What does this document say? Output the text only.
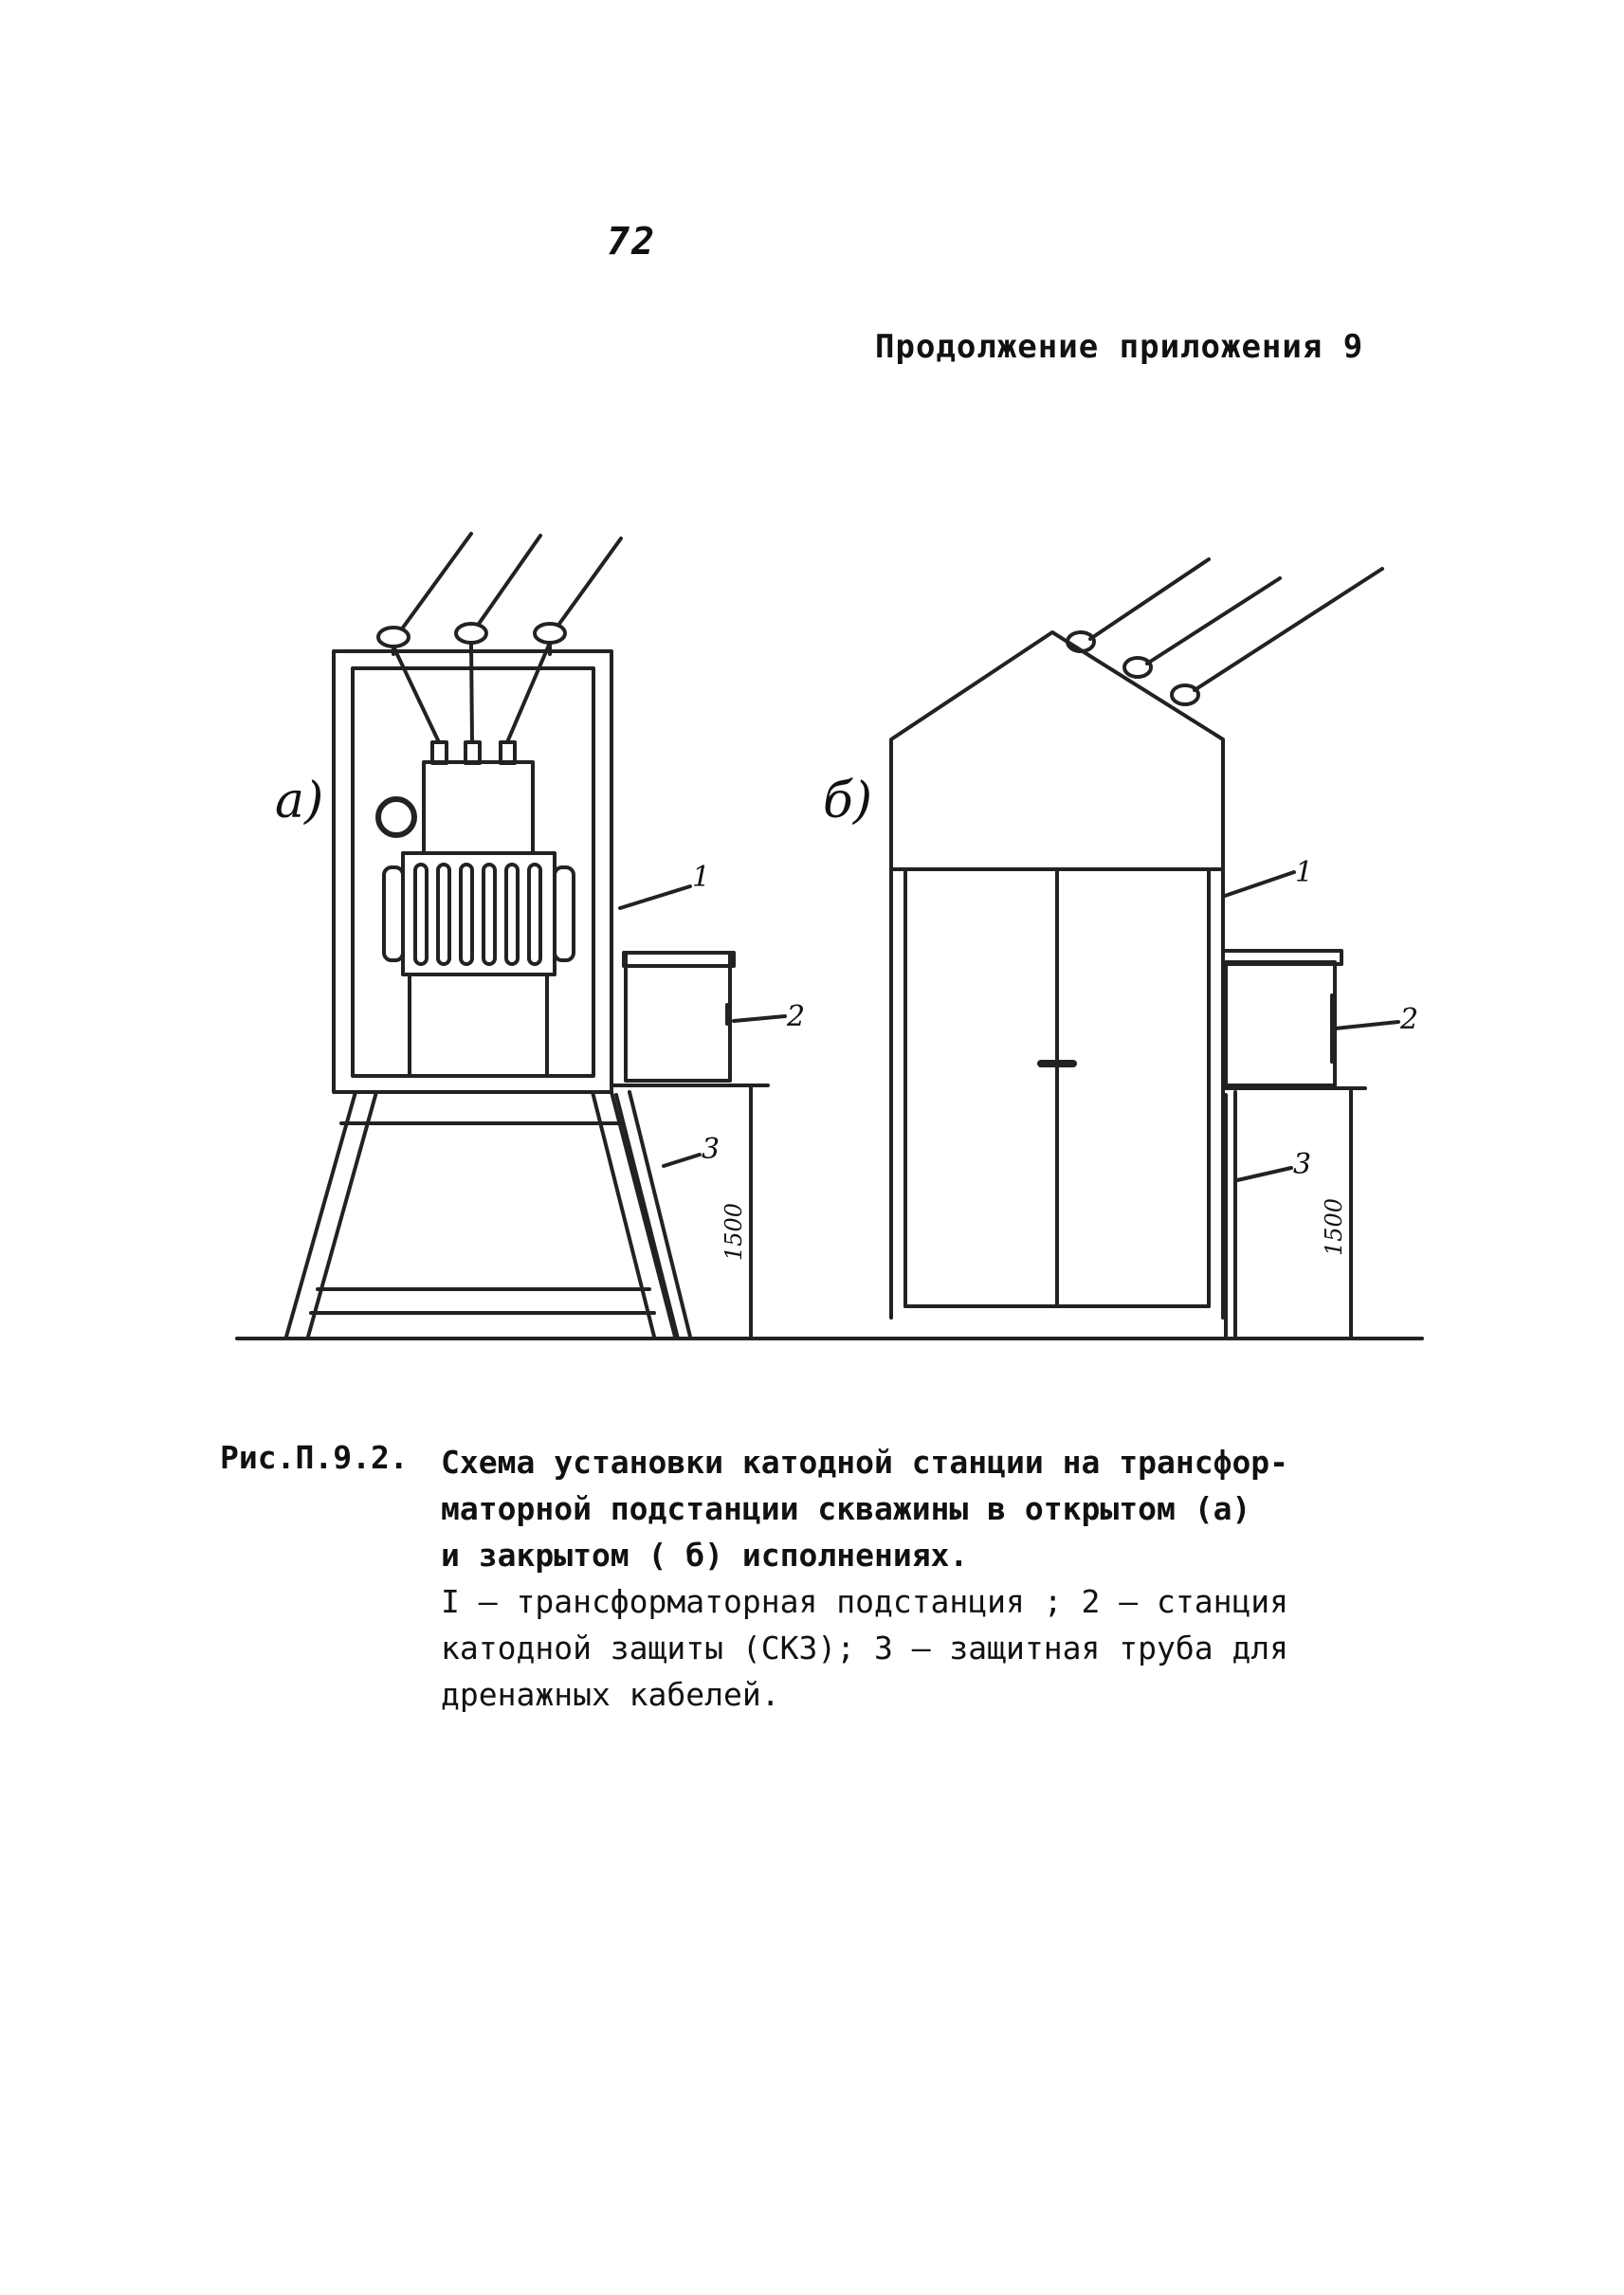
72
Продолжение приложения 9
а)	б)
1
2
3
1
2
3
1500	1500
Рис.П.9.2. Схема установки катодной станции на трансфор-
маторной подстанции скважины в открытом (а)
и закрытом ( б) исполнениях.
I – трансформаторная подстанция ; 2 – станция
катодной защиты (СКЗ); 3 – защитная труба для
дренажных кабелей.
